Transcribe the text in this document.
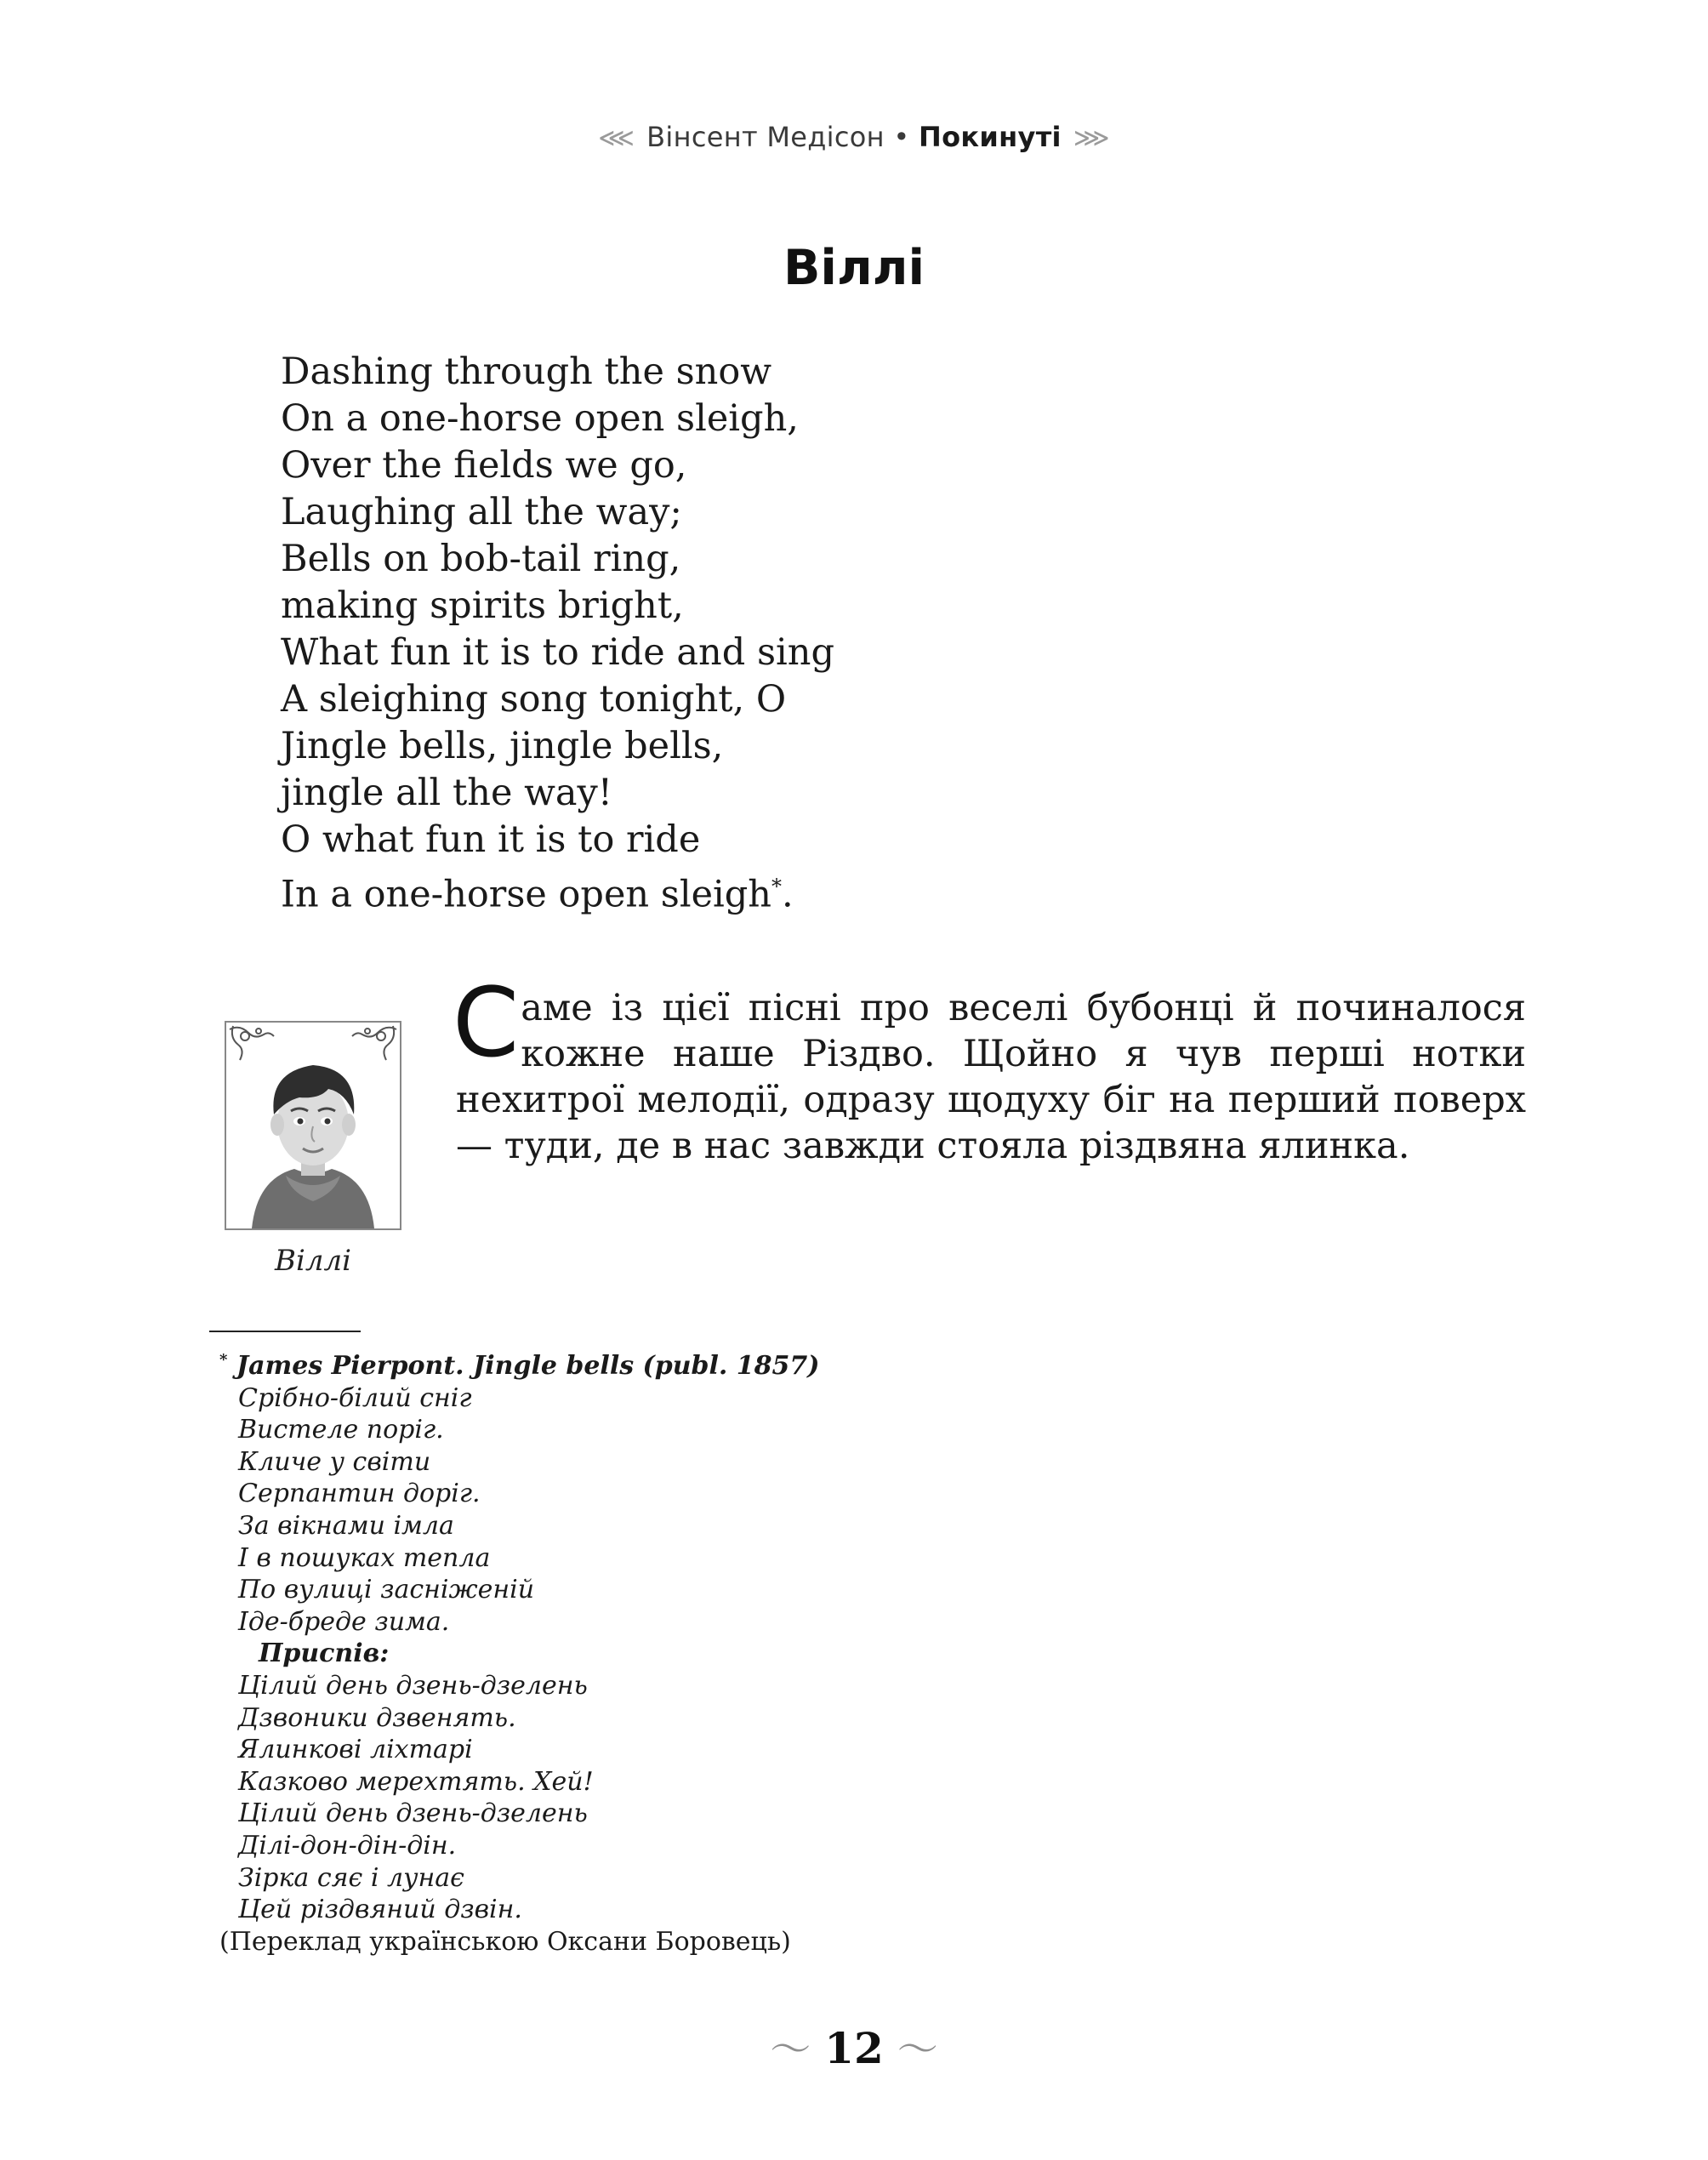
⋘ Вінсент Медісон • Покинуті ⋙
Віллі
Dashing through the snow
On a one-horse open sleigh,
Over the fields we go,
Laughing all the way;
Bells on bob-tail ring,
making spirits bright,
What fun it is to ride and sing
A sleighing song tonight, O
Jingle bells, jingle bells,
jingle all the way!
O what fun it is to ride
In a one-horse open sleigh*.
Віллі
Саме із цієї пісні про веселі бубонці й починалося кожне наше Різдво. Щойно я чув перші нотки нехитрої мелодії, одразу щодуху біг на перший поверх — туди, де в нас завжди стояла різдвяна ялинка.
* James Pierpont. Jingle bells (publ. 1857)
Срібно-білий сніг
Вистеле поріг.
Кличе у світи
Серпантин доріг.
За вікнами імла
І в пошуках тепла
По вулиці засніженій
Іде-бреде зима.
Приспів:
Цілий день дзень-дзелень
Дзвоники дзвенять.
Ялинкові ліхтарі
Казково мерехтять. Хей!
Цілий день дзень-дзелень
Ділі-дон-дін-дін.
Зірка сяє і лунає
Цей різдвяний дзвін.
(Переклад українською Оксани Боровець)
〜 12 〜
